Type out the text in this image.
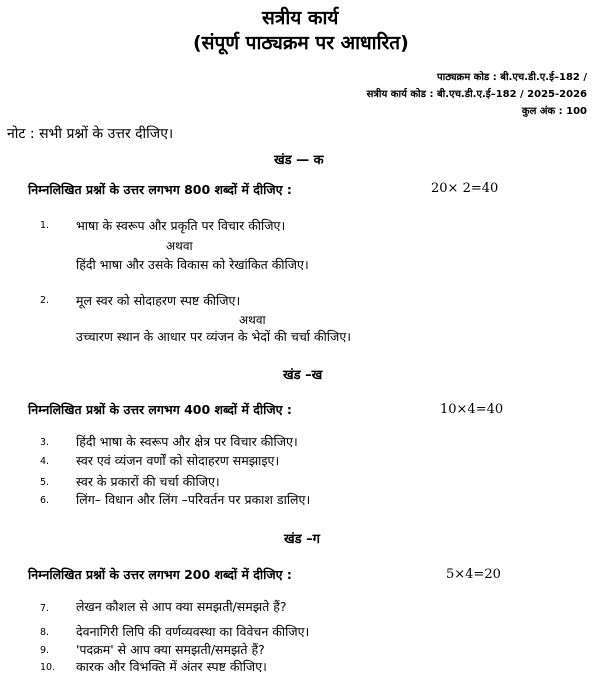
सत्रीय कार्य
(संपूर्ण पाठ्यक्रम पर आधारित)
पाठ्यक्रम कोड : बी.एच.डी.ए.ई–182 /
सत्रीय कार्य कोड : बी.एच.डी.ए.ई–182 / 2025-2026
कुल अंक : 100
नोट : सभी प्रश्नों के उत्तर दीजिए।
खंड — क
निम्नलिखित प्रश्नों के उत्तर लगभग 800 शब्दों में दीजिए :	20× 2=40
1. भाषा के स्वरूप और प्रकृति पर विचार कीजिए।
अथवा
हिंदी भाषा और उसके विकास को रेखांकित कीजिए।
2. मूल स्वर को सोदाहरण स्पष्ट कीजिए।
अथवा
उच्चारण स्थान के आधार पर व्यंजन के भेदों की चर्चा कीजिए।
खंड –ख
निम्नलिखित प्रश्नों के उत्तर लगभग 400 शब्दों में दीजिए :	10×4=40
3. हिंदी भाषा के स्वरूप और क्षेत्र पर विचार कीजिए।
4. स्वर एवं व्यंजन वर्णों को सोदाहरण समझाइए।
5. स्वर के प्रकारों की चर्चा कीजिए।
6. लिंग– विधान और लिंग –परिवर्तन पर प्रकाश डालिए।
खंड –ग
निम्नलिखित प्रश्नों के उत्तर लगभग 200 शब्दों में दीजिए :	5×4=20
7. लेखन कौशल से आप क्या समझती/समझते हैं?
8. देवनागिरी लिपि की वर्णव्यवस्था का विवेचन कीजिए।
9. 'पदक्रम' से आप क्या समझती/समझते हैं?
10. कारक और विभक्ति में अंतर स्पष्ट कीजिए।
